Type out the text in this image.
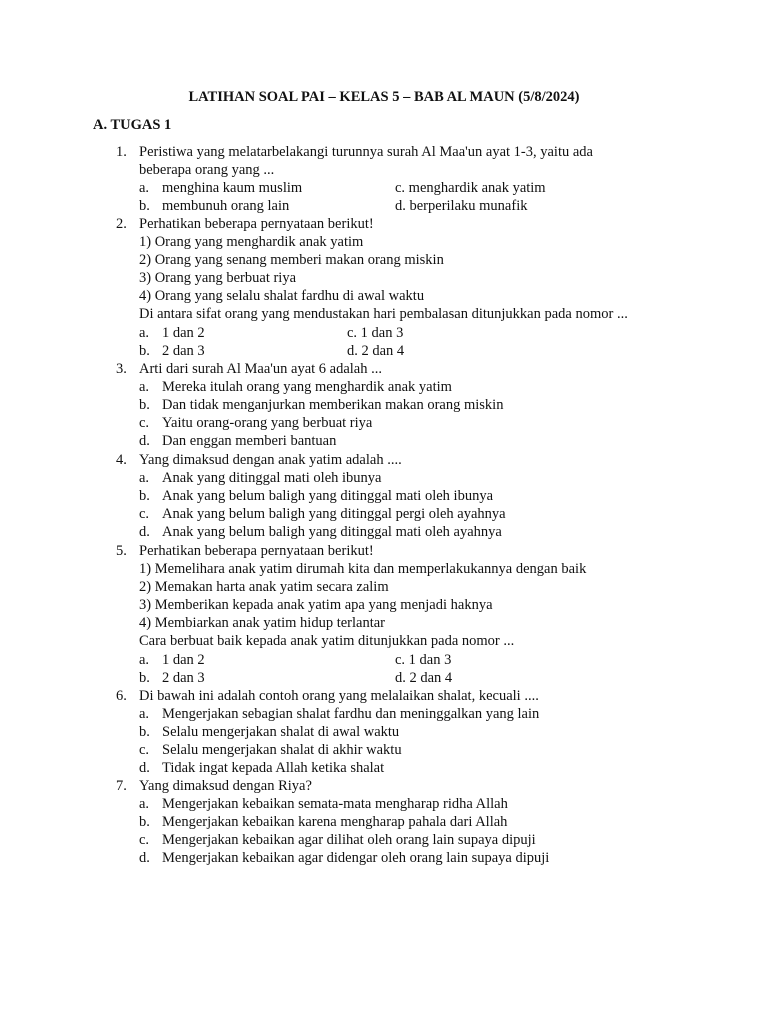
LATIHAN SOAL PAI – KELAS 5 – BAB AL MAUN (5/8/2024)
A. TUGAS 1
1. Peristiwa yang melatarbelakangi turunnya surah Al Maa'un ayat 1-3, yaitu ada
beberapa orang yang ...
a. menghina kaum muslim	c. menghardik anak yatim
b. membunuh orang lain	d. berperilaku munafik
2. Perhatikan beberapa pernyataan berikut!
1) Orang yang menghardik anak yatim
2) Orang yang senang memberi makan orang miskin
3) Orang yang berbuat riya
4) Orang yang selalu shalat fardhu di awal waktu
Di antara sifat orang yang mendustakan hari pembalasan ditunjukkan pada nomor ...
a. 1 dan 2	c. 1 dan 3
b. 2 dan 3	d. 2 dan 4
3. Arti dari surah Al Maa'un ayat 6 adalah ...
a. Mereka itulah orang yang menghardik anak yatim
b. Dan tidak menganjurkan memberikan makan orang miskin
c. Yaitu orang-orang yang berbuat riya
d. Dan enggan memberi bantuan
4. Yang dimaksud dengan anak yatim adalah ....
a. Anak yang ditinggal mati oleh ibunya
b. Anak yang belum baligh yang ditinggal mati oleh ibunya
c. Anak yang belum baligh yang ditinggal pergi oleh ayahnya
d. Anak yang belum baligh yang ditinggal mati oleh ayahnya
5. Perhatikan beberapa pernyataan berikut!
1) Memelihara anak yatim dirumah kita dan memperlakukannya dengan baik
2) Memakan harta anak yatim secara zalim
3) Memberikan kepada anak yatim apa yang menjadi haknya
4) Membiarkan anak yatim hidup terlantar
Cara berbuat baik kepada anak yatim ditunjukkan pada nomor ...
a. 1 dan 2	c. 1 dan 3
b. 2 dan 3	d. 2 dan 4
6. Di bawah ini adalah contoh orang yang melalaikan shalat, kecuali ....
a. Mengerjakan sebagian shalat fardhu dan meninggalkan yang lain
b. Selalu mengerjakan shalat di awal waktu
c. Selalu mengerjakan shalat di akhir waktu
d. Tidak ingat kepada Allah ketika shalat
7. Yang dimaksud dengan Riya?
a. Mengerjakan kebaikan semata-mata mengharap ridha Allah
b. Mengerjakan kebaikan karena mengharap pahala dari Allah
c. Mengerjakan kebaikan agar dilihat oleh orang lain supaya dipuji
d. Mengerjakan kebaikan agar didengar oleh orang lain supaya dipuji
